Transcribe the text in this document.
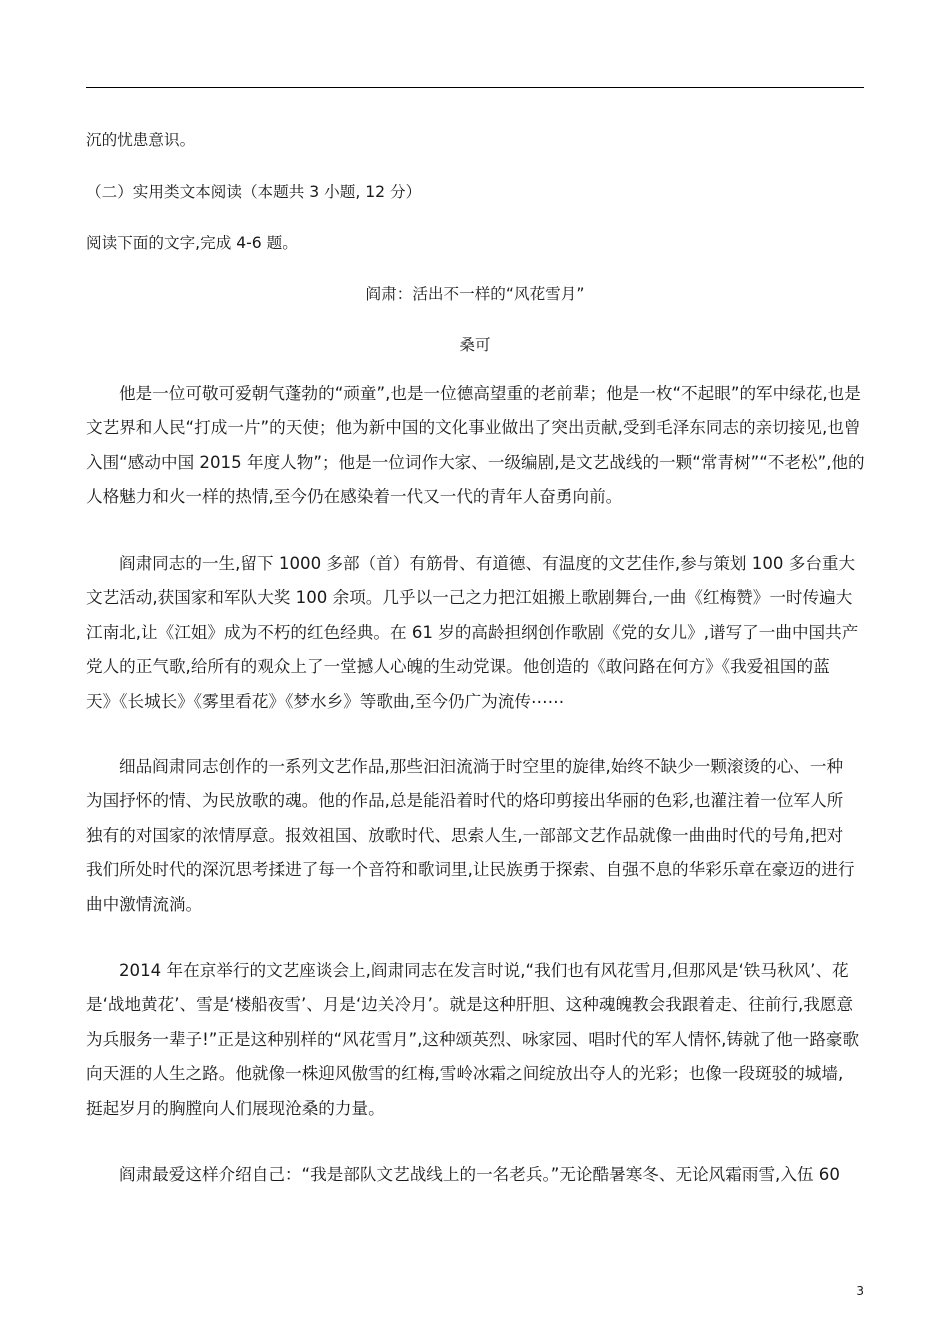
沉的忧患意识。
（二）实用类文本阅读（本题共 3 小题, 12 分）
阅读下面的文字,完成 4-6 题。
阎肃：活出不一样的“风花雪月”
桑可
他是一位可敬可爱朝气蓬勃的“顽童”,也是一位德高望重的老前辈；他是一枚“不起眼”的军中绿花,也是
文艺界和人民“打成一片”的天使；他为新中国的文化事业做出了突出贡献,受到毛泽东同志的亲切接见,也曾
入围“感动中国 2015 年度人物”；他是一位词作大家、一级编剧,是文艺战线的一颗“常青树”“不老松”,他的
人格魅力和火一样的热情,至今仍在感染着一代又一代的青年人奋勇向前。
阎肃同志的一生,留下 1000 多部（首）有筋骨、有道德、有温度的文艺佳作,参与策划 100 多台重大
文艺活动,获国家和军队大奖 100 余项。几乎以一己之力把江姐搬上歌剧舞台,一曲《红梅赞》一时传遍大
江南北,让《江姐》成为不朽的红色经典。在 61 岁的高龄担纲创作歌剧《党的女儿》,谱写了一曲中国共产
党人的正气歌,给所有的观众上了一堂撼人心魄的生动党课。他创造的《敢问路在何方》《我爱祖国的蓝
天》《长城长》《雾里看花》《梦水乡》等歌曲,至今仍广为流传⋯⋯
细品阎肃同志创作的一系列文艺作品,那些汩汩流淌于时空里的旋律,始终不缺少一颗滚烫的心、一种
为国抒怀的情、为民放歌的魂。他的作品,总是能沿着时代的烙印剪接出华丽的色彩,也灌注着一位军人所
独有的对国家的浓情厚意。报效祖国、放歌时代、思索人生,一部部文艺作品就像一曲曲时代的号角,把对
我们所处时代的深沉思考揉进了每一个音符和歌词里,让民族勇于探索、自强不息的华彩乐章在豪迈的进行
曲中激情流淌。
2014 年在京举行的文艺座谈会上,阎肃同志在发言时说,“我们也有风花雪月,但那风是‘铁马秋风’、花
是‘战地黄花’、雪是‘楼船夜雪’、月是‘边关冷月’。就是这种肝胆、这种魂魄教会我跟着走、往前行,我愿意
为兵服务一辈子!”正是这种别样的“风花雪月”,这种颂英烈、咏家园、唱时代的军人情怀,铸就了他一路豪歌
向天涯的人生之路。他就像一株迎风傲雪的红梅,雪岭冰霜之间绽放出夺人的光彩；也像一段斑驳的城墙,
挺起岁月的胸膛向人们展现沧桑的力量。
阎肃最爱这样介绍自己：“我是部队文艺战线上的一名老兵。”无论酷暑寒冬、无论风霜雨雪,入伍 60
3
